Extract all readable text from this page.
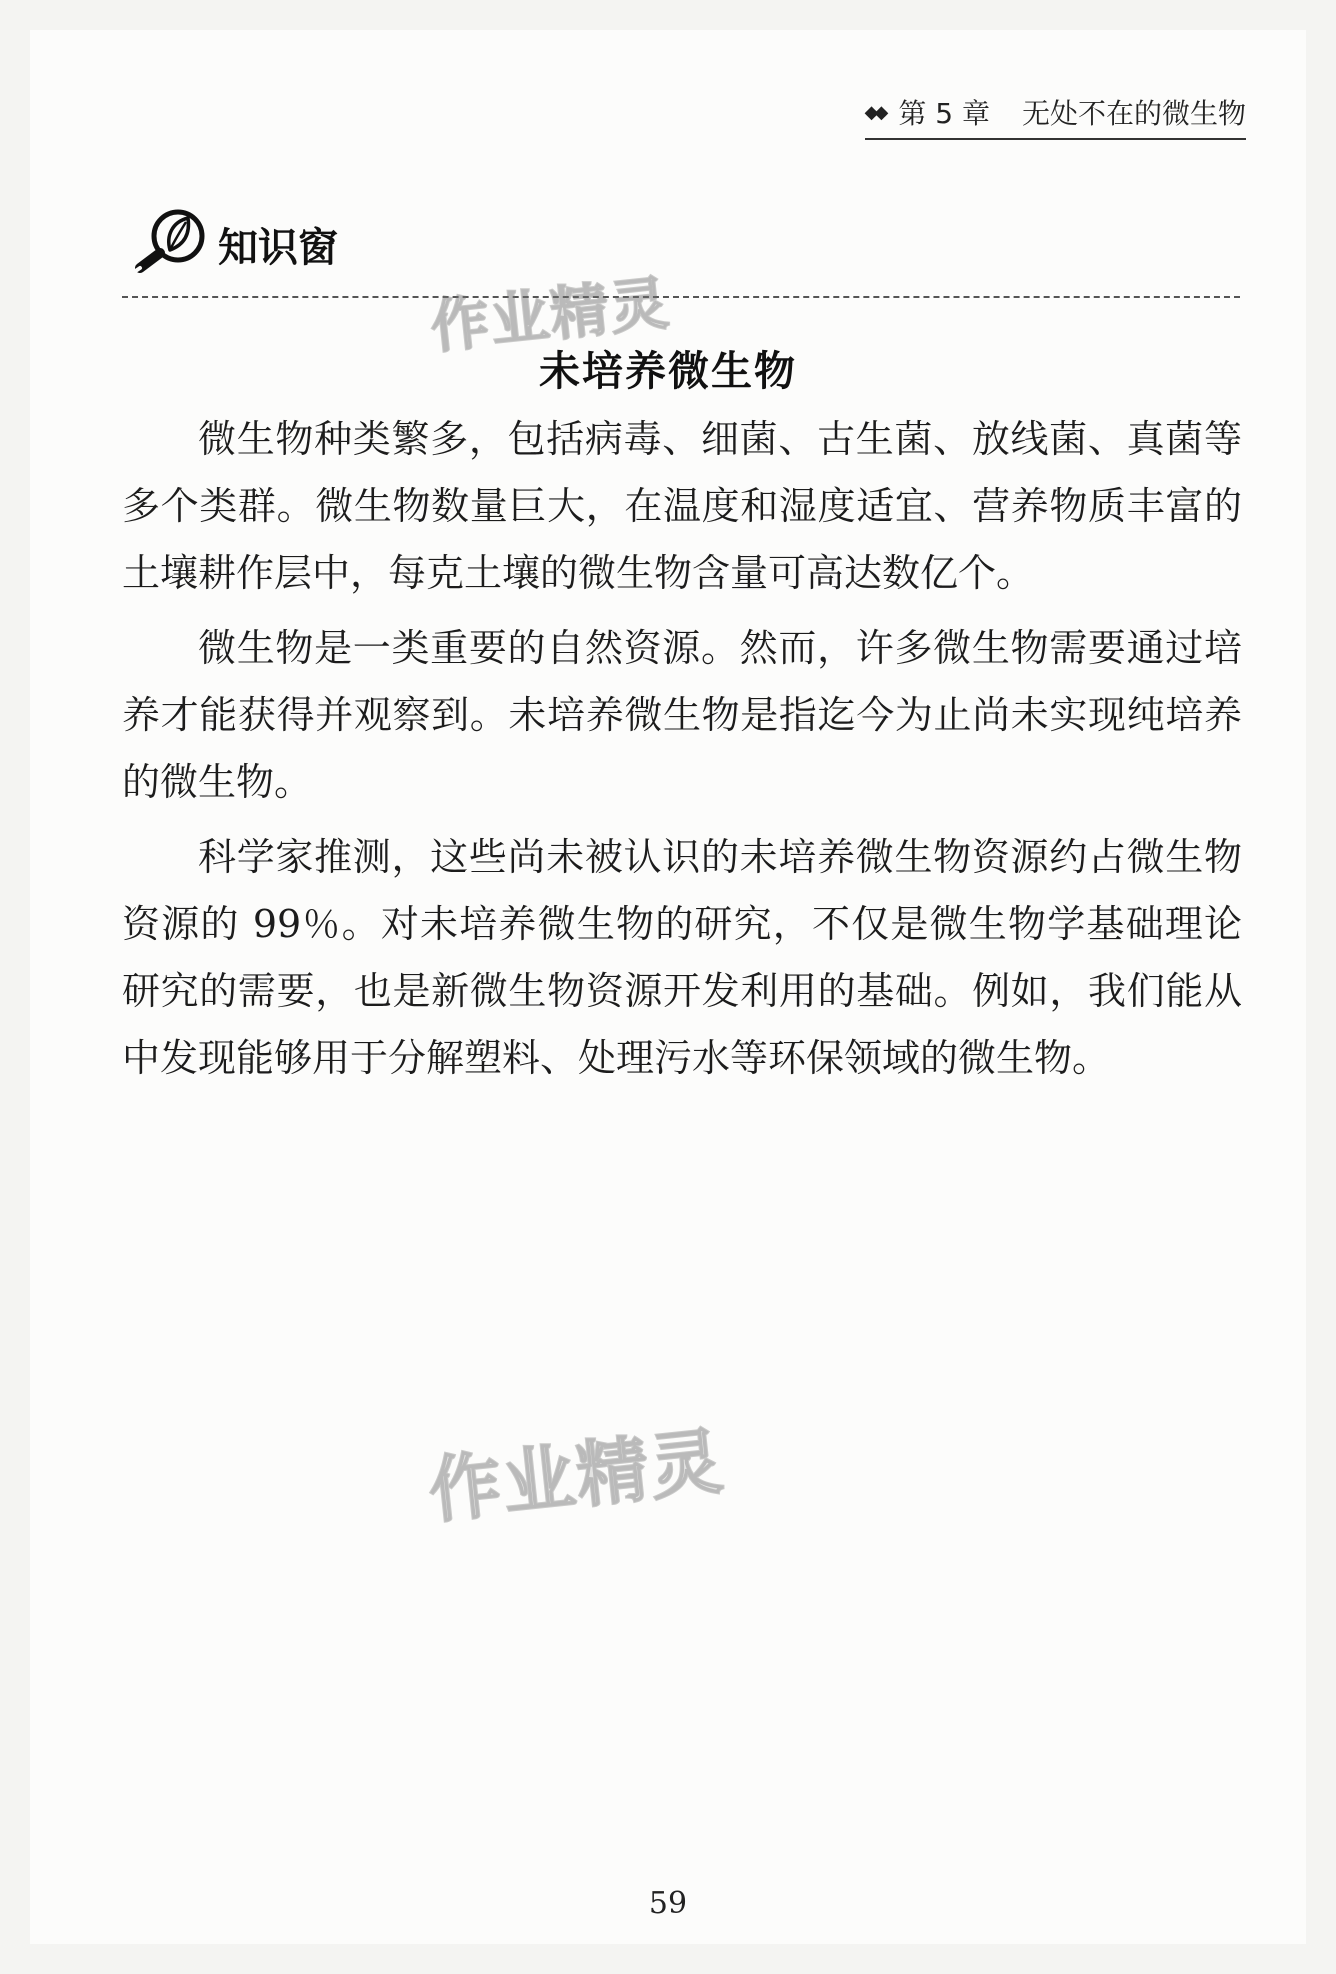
◆◆ 第 5 章 无处不在的微生物
知识窗
作业精灵
未培养微生物

微生物种类繁多，包括病毒、细菌、古生菌、放线菌、真菌等多个类群。微生物数量巨大，在温度和湿度适宜、营养物质丰富的土壤耕作层中，每克土壤的微生物含量可高达数亿个。

微生物是一类重要的自然资源。然而，许多微生物需要通过培养才能获得并观察到。未培养微生物是指迄今为止尚未实现纯培养的微生物。

科学家推测，这些尚未被认识的未培养微生物资源约占微生物资源的 99％。对未培养微生物的研究，不仅是微生物学基础理论研究的需要，也是新微生物资源开发利用的基础。例如，我们能从中发现能够用于分解塑料、处理污水等环保领域的微生物。

作业精灵
59
